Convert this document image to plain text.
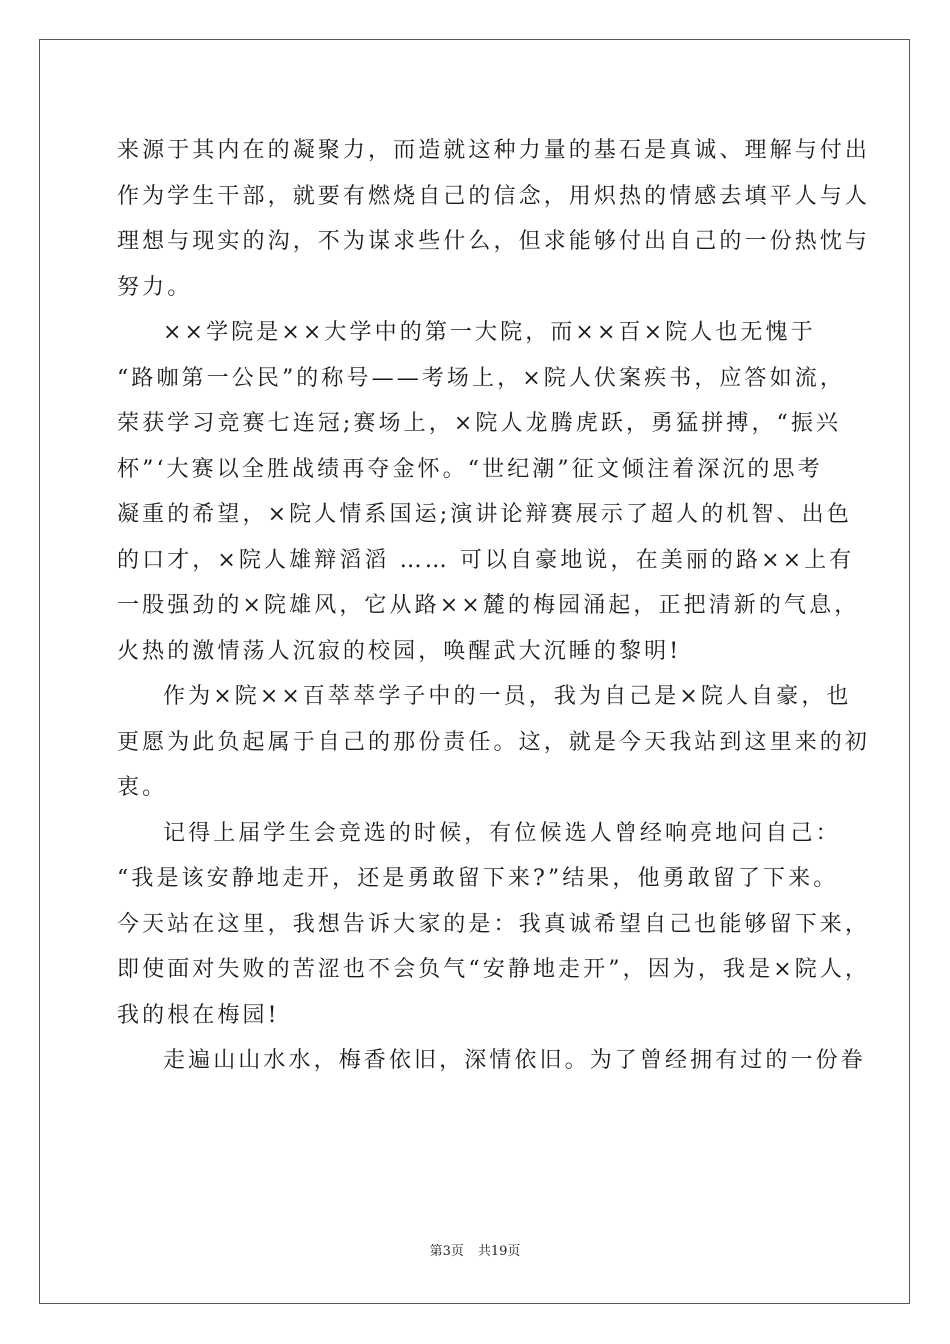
来源于其内在的凝聚力，而造就这种力量的基石是真诚、理解与付出
作为学生干部，就要有燃烧自己的信念，用炽热的情感去填平人与人
理想与现实的沟，不为谋求些什么，但求能够付出自己的一份热忱与
努力。
××学院是××大学中的第一大院，而××百×院人也无愧于
“路咖第一公民”的称号——考场上，×院人伏案疾书，应答如流，
荣获学习竞赛七连冠;赛场上，×院人龙腾虎跃，勇猛拼搏，“振兴
杯”‘大赛以全胜战绩再夺金怀。“世纪潮”征文倾注着深沉的思考
凝重的希望，×院人情系国运;演讲论辩赛展示了超人的机智、出色
的口才，×院人雄辩滔滔 …… 可以自豪地说，在美丽的路××上有
一股强劲的×院雄风，它从路××麓的梅园涌起，正把清新的气息，
火热的激情荡人沉寂的校园，唤醒武大沉睡的黎明!
作为×院××百萃萃学子中的一员，我为自己是×院人自豪，也
更愿为此负起属于自己的那份责任。这，就是今天我站到这里来的初
衷。
记得上届学生会竞选的时候，有位候选人曾经响亮地问自己：
“我是该安静地走开，还是勇敢留下来?”结果，他勇敢留了下来。
今天站在这里，我想告诉大家的是：我真诚希望自己也能够留下来，
即使面对失败的苦涩也不会负气“安静地走开”，因为，我是×院人，
我的根在梅园!
走遍山山水水，梅香依旧，深情依旧。为了曾经拥有过的一份眷
第3页 共19页
